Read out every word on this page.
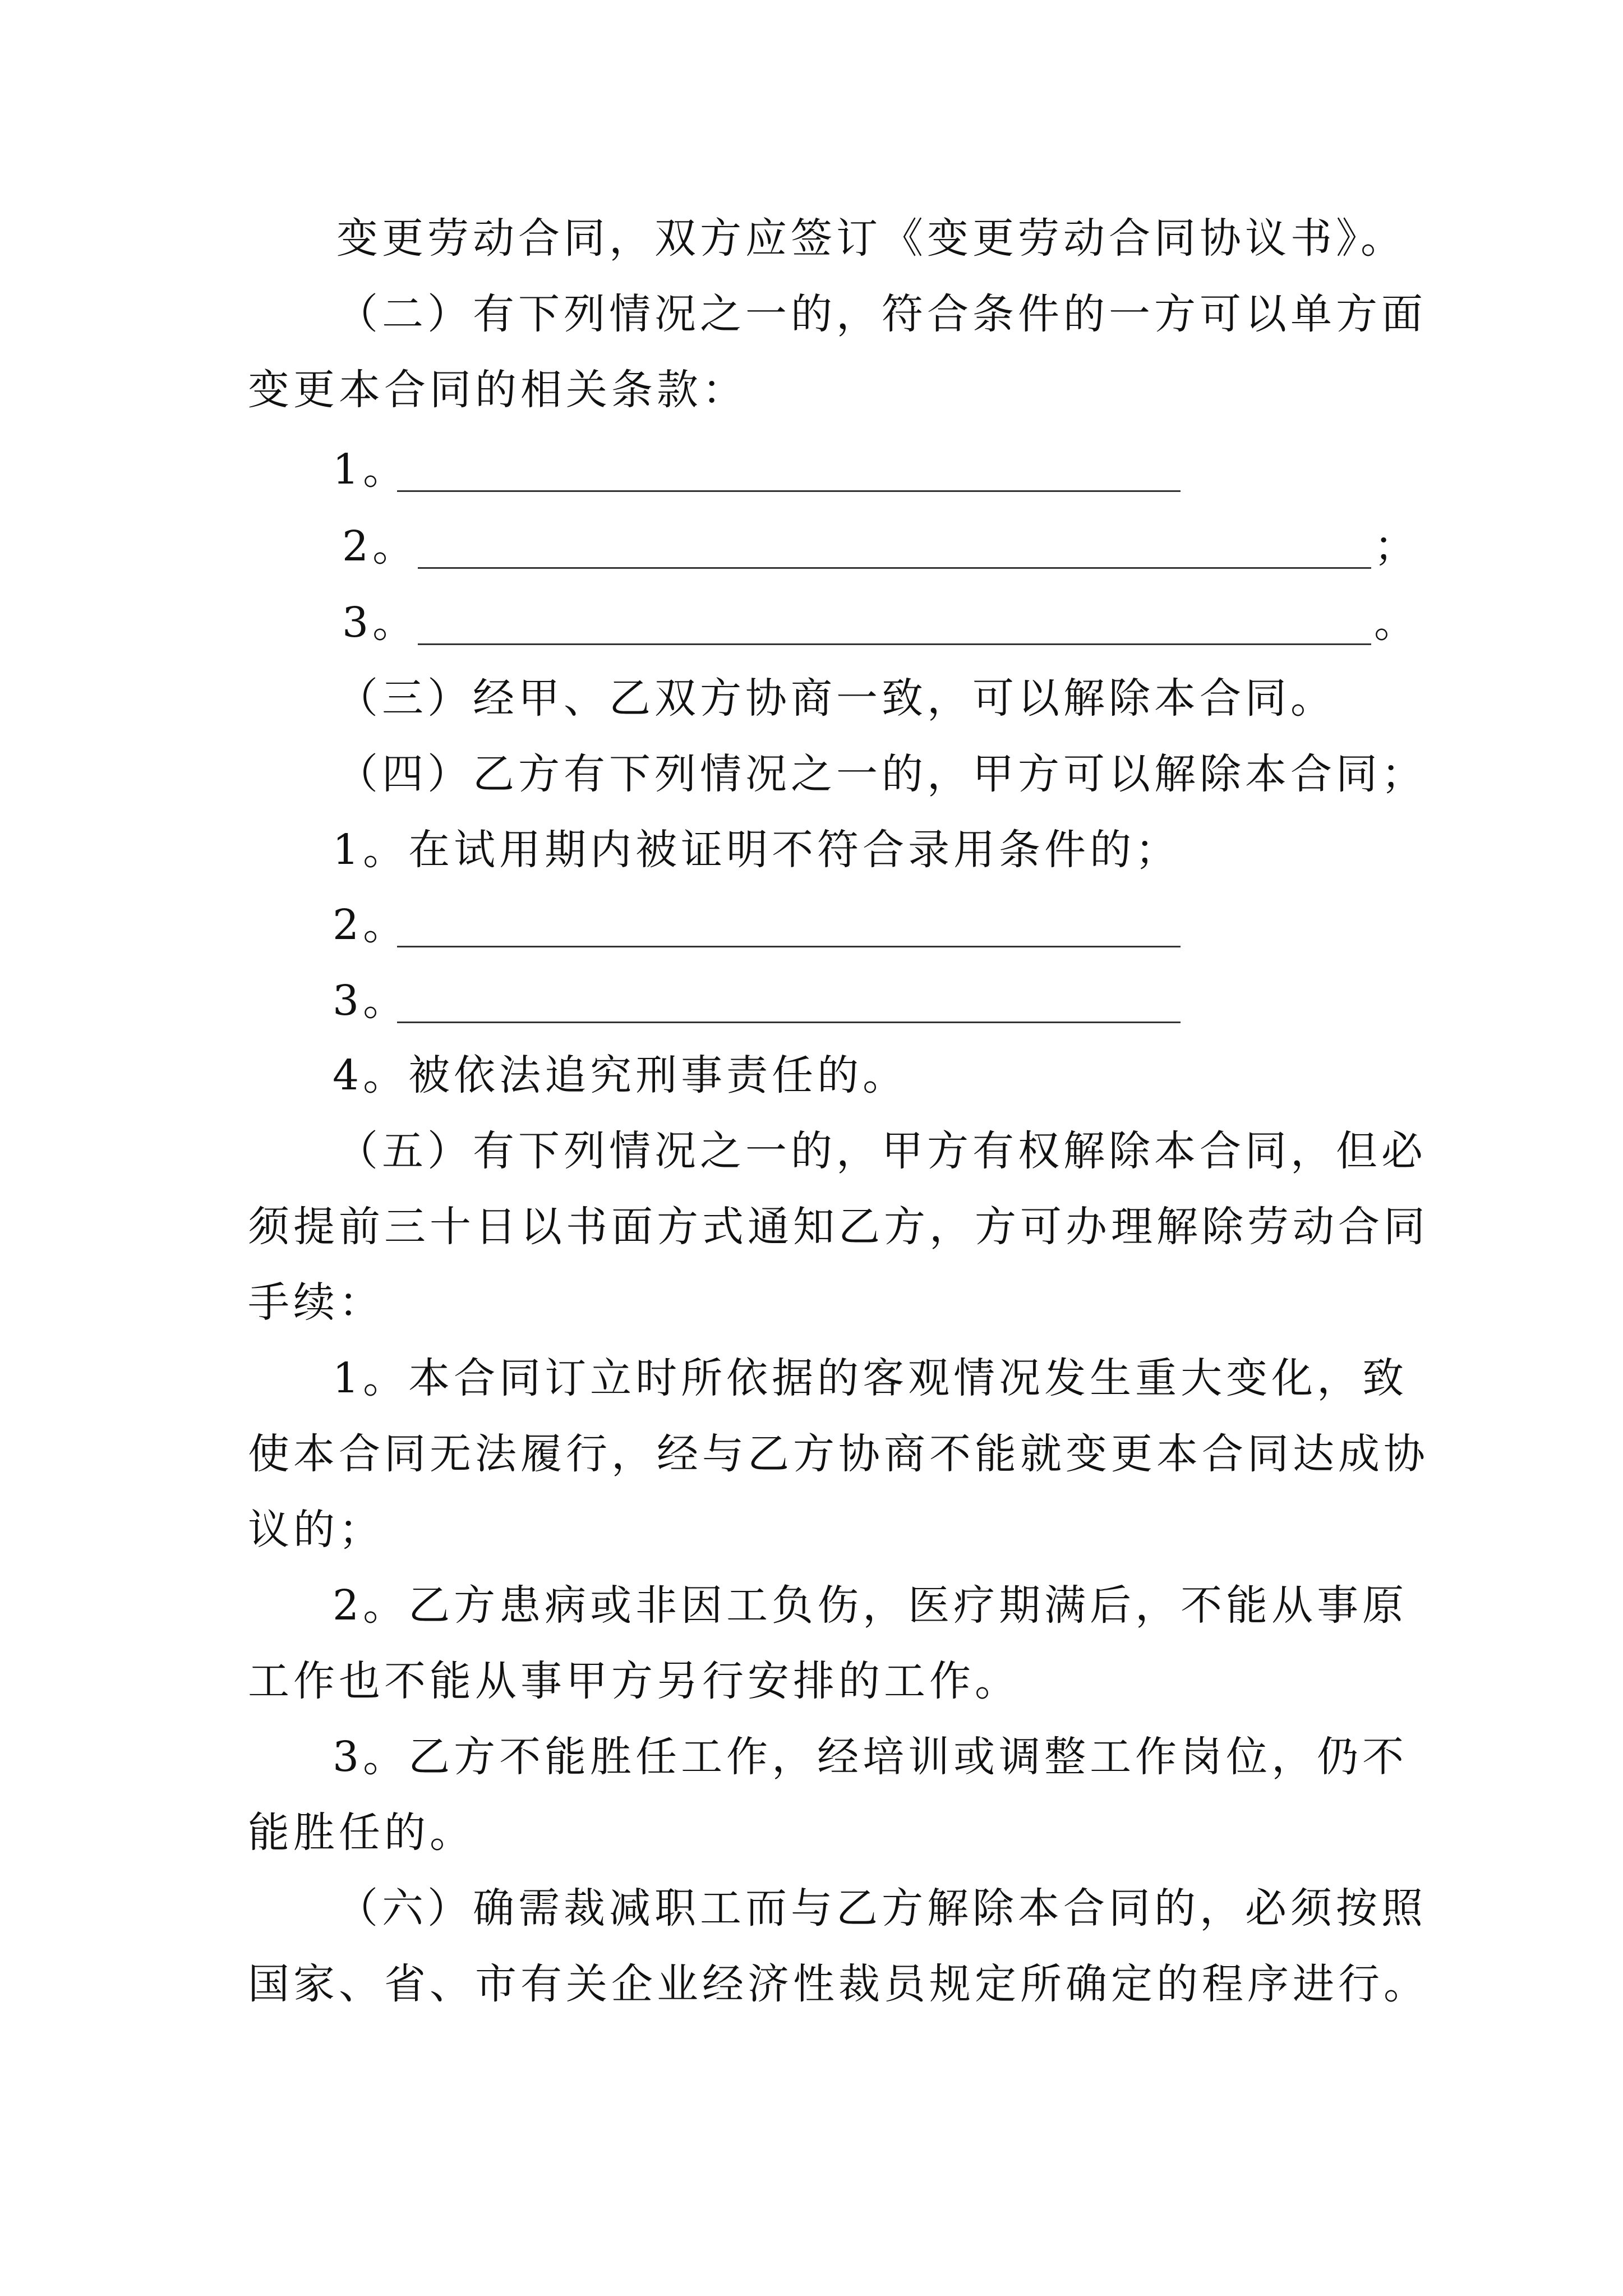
变更劳动合同，双方应签订《变更劳动合同协议书》。
（二）有下列情况之一的，符合条件的一方可以单方面
变更本合同的相关条款：
1。
2。	；
3。	。
（三）经甲、乙双方协商一致，可以解除本合同。
（四）乙方有下列情况之一的，甲方可以解除本合同；
1。在试用期内被证明不符合录用条件的；
2。
3。
4。被依法追究刑事责任的。
（五）有下列情况之一的，甲方有权解除本合同，但必
须提前三十日以书面方式通知乙方，方可办理解除劳动合同
手续：
1。本合同订立时所依据的客观情况发生重大变化，致
使本合同无法履行，经与乙方协商不能就变更本合同达成协
议的；
2。乙方患病或非因工负伤，医疗期满后，不能从事原
工作也不能从事甲方另行安排的工作。
3。乙方不能胜任工作，经培训或调整工作岗位，仍不
能胜任的。
（六）确需裁减职工而与乙方解除本合同的，必须按照
国家、省、市有关企业经济性裁员规定所确定的程序进行。
